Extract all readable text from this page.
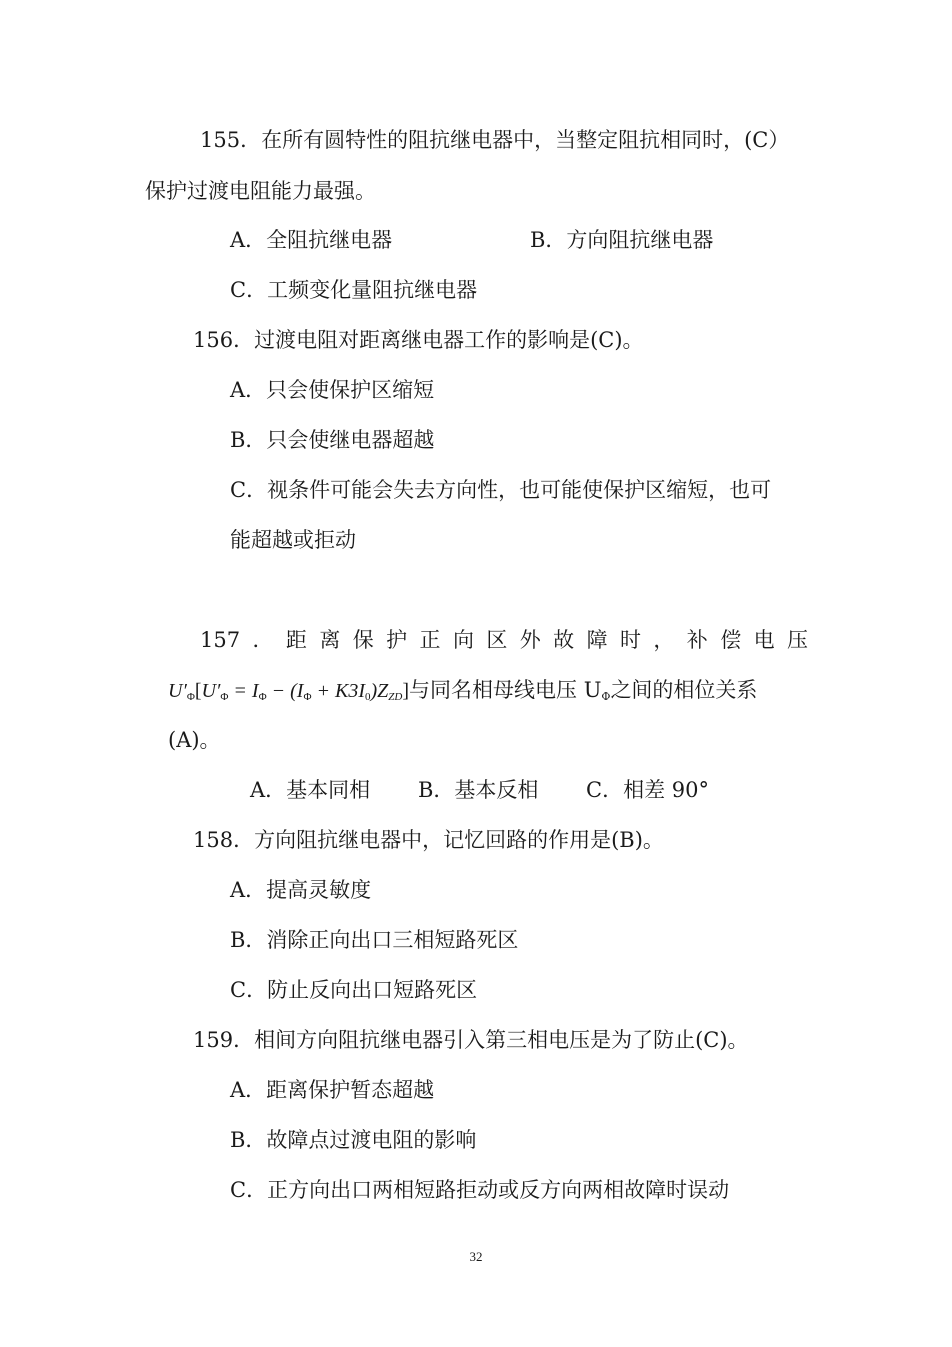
155．在所有圆特性的阻抗继电器中，当整定阻抗相同时，(C）
保护过渡电阻能力最强。
A．全阻抗继电器	B．方向阻抗继电器
C．工频变化量阻抗继电器
156．过渡电阻对距离继电器工作的影响是(C)。
A．只会使保护区缩短
B．只会使继电器超越
C．视条件可能会失去方向性，也可能使保护区缩短，也可
能超越或拒动
157 ． 距 离 保 护 正 向 区 外 故 障 时 ， 补 偿 电 压
$U'_\Phi[U'_\Phi = I_\Phi - (I_\Phi + K3I_0)Z_{ZD}]$与同名相母线电压 UΦ之间的相位关系
(A)。
A．基本同相 B．基本反相 C．相差 90°
158．方向阻抗继电器中，记忆回路的作用是(B)。
A．提高灵敏度
B．消除正向出口三相短路死区
C．防止反向出口短路死区
159．相间方向阻抗继电器引入第三相电压是为了防止(C)。
A．距离保护暂态超越
B．故障点过渡电阻的影响
C．正方向出口两相短路拒动或反方向两相故障时误动
32
